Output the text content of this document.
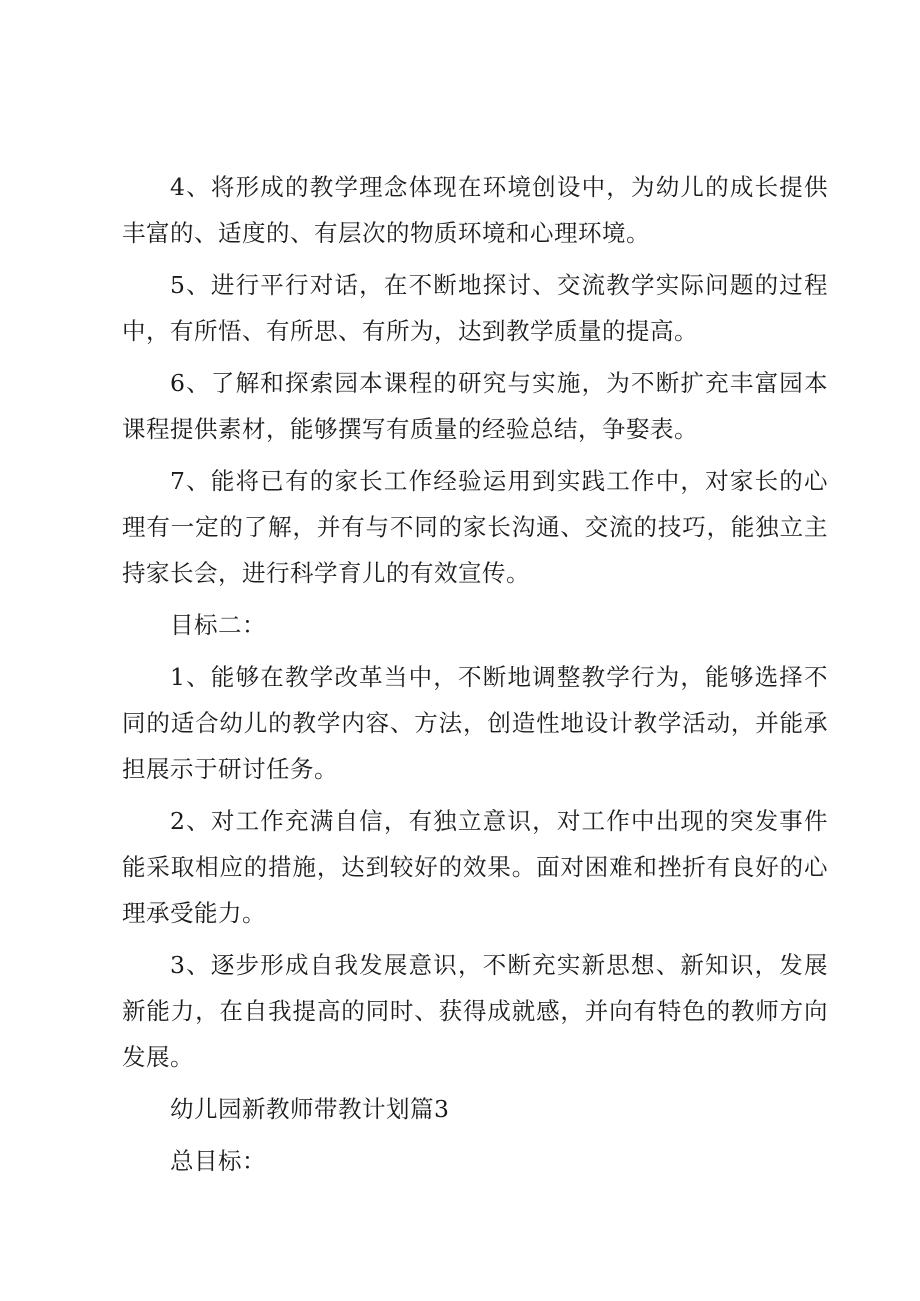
4、将形成的教学理念体现在环境创设中，为幼儿的成长提供丰富的、适度的、有层次的物质环境和心理环境。

5、进行平行对话，在不断地探讨、交流教学实际问题的过程中，有所悟、有所思、有所为，达到教学质量的提高。

6、了解和探索园本课程的研究与实施，为不断扩充丰富园本课程提供素材，能够撰写有质量的经验总结，争娶表。

7、能将已有的家长工作经验运用到实践工作中，对家长的心理有一定的了解，并有与不同的家长沟通、交流的技巧，能独立主持家长会，进行科学育儿的有效宣传。

目标二：

1、能够在教学改革当中，不断地调整教学行为，能够选择不同的适合幼儿的教学内容、方法，创造性地设计教学活动，并能承担展示于研讨任务。

2、对工作充满自信，有独立意识，对工作中出现的突发事件能采取相应的措施，达到较好的效果。面对困难和挫折有良好的心理承受能力。

3、逐步形成自我发展意识，不断充实新思想、新知识，发展新能力，在自我提高的同时、获得成就感，并向有特色的教师方向发展。

幼儿园新教师带教计划篇3

总目标：
